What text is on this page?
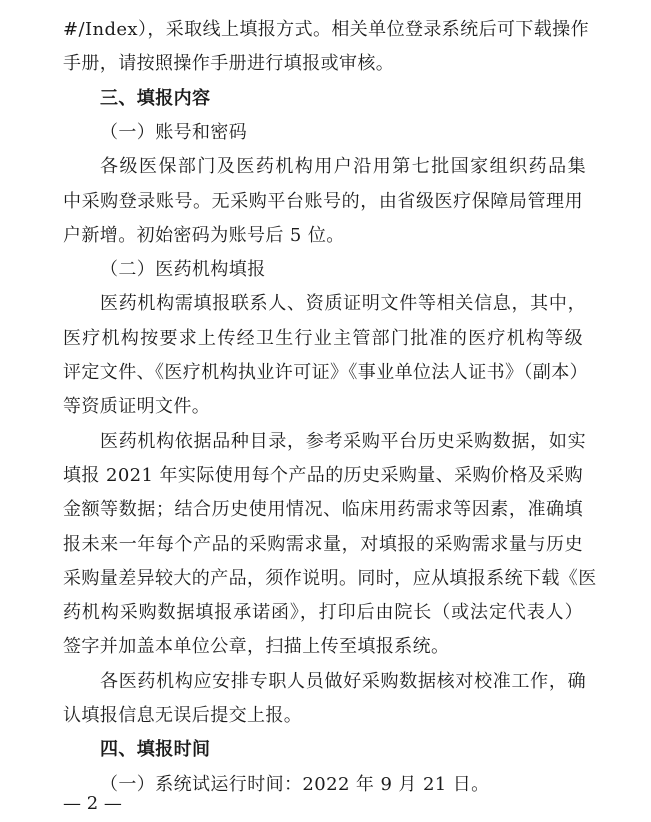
#/Index），采取线上填报方式。相关单位登录系统后可下载操作
手册，请按照操作手册进行填报或审核。
三、填报内容
（一）账号和密码
各级医保部门及医药机构用户沿用第七批国家组织药品集
中采购登录账号。无采购平台账号的，由省级医疗保障局管理用
户新增。初始密码为账号后 5 位。
（二）医药机构填报
医药机构需填报联系人、资质证明文件等相关信息，其中，
医疗机构按要求上传经卫生行业主管部门批准的医疗机构等级
评定文件、《医疗机构执业许可证》《事业单位法人证书》（副本）
等资质证明文件。
医药机构依据品种目录，参考采购平台历史采购数据，如实
填报 2021 年实际使用每个产品的历史采购量、采购价格及采购
金额等数据；结合历史使用情况、临床用药需求等因素，准确填
报未来一年每个产品的采购需求量，对填报的采购需求量与历史
采购量差异较大的产品，须作说明。同时，应从填报系统下载《医
药机构采购数据填报承诺函》，打印后由院长（或法定代表人）
签字并加盖本单位公章，扫描上传至填报系统。
各医药机构应安排专职人员做好采购数据核对校准工作，确
认填报信息无误后提交上报。
四、填报时间
（一）系统试运行时间：2022 年 9 月 21 日。
— 2 —
